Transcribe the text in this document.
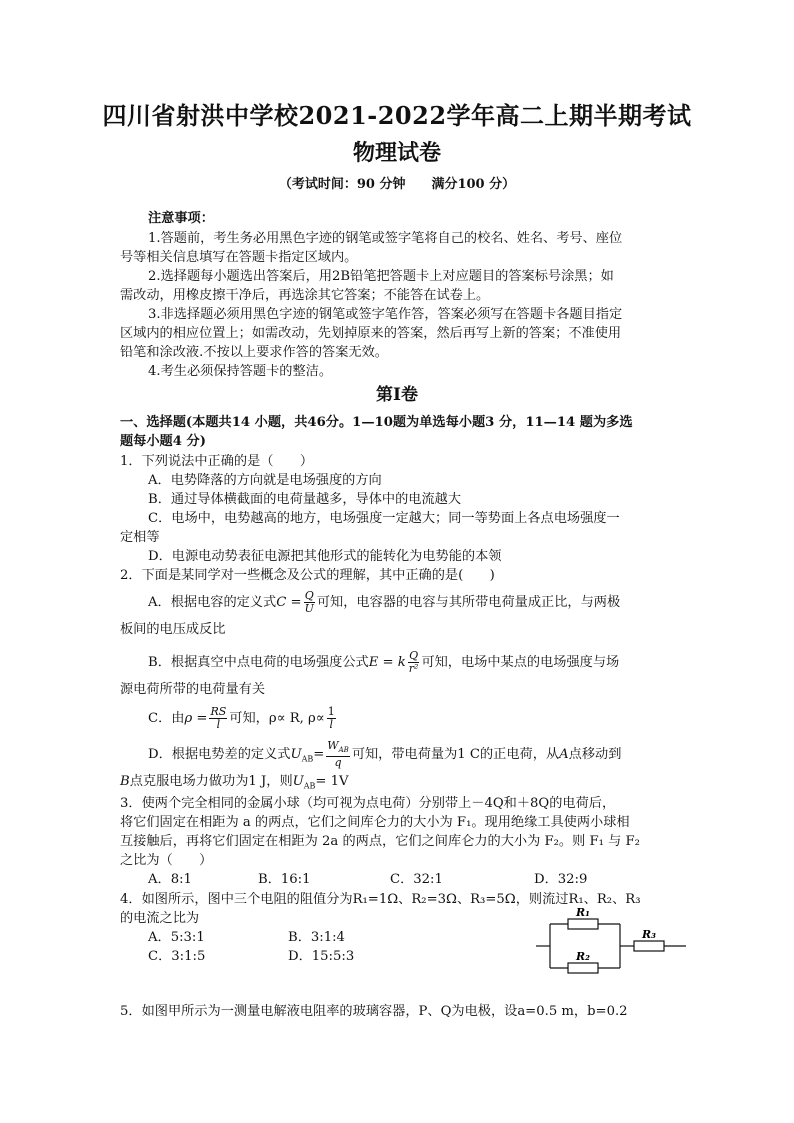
四川省射洪中学校2021-2022学年高二上期半期考试
物理试卷
（考试时间：90 分钟 满分100 分）
注意事项：
1.答题前，考生务必用黑色字迹的钢笔或签字笔将自己的校名、姓名、考号、座位
号等相关信息填写在答题卡指定区域内。
2.选择题每小题选出答案后，用2B铅笔把答题卡上对应题目的答案标号涂黑；如
需改动，用橡皮擦干净后，再选涂其它答案；不能答在试卷上。
3.非选择题必须用黑色字迹的钢笔或签字笔作答，答案必须写在答题卡各题目指定
区域内的相应位置上；如需改动，先划掉原来的答案，然后再写上新的答案；不准使用
铅笔和涂改液.不按以上要求作答的答案无效。
4.考生必须保持答题卡的整洁。
第Ⅰ卷
一、选择题(本题共14 小题，共46分。1—10题为单选每小题3 分，11—14 题为多选
题每小题4 分)
1．下列说法中正确的是（　　）
A．电势降落的方向就是电场强度的方向
B．通过导体横截面的电荷量越多，导体中的电流越大
C．电场中，电势越高的地方，电场强度一定越大；同一等势面上各点电场强度一
定相等
D．电源电动势表征电源把其他形式的能转化为电势能的本领
2．下面是某同学对一些概念及公式的理解，其中正确的是(　　)
A．根据电容的定义式$C = \frac{Q}{U}$ 可知，电容器的电容与其所带电荷量成正比，与两极
板间的电压成反比
B．根据真空中点电荷的电场强度公式E = k $\frac{Q}{\text{r²}}$ 可知，电场中某点的电场强度与场
源电荷所带的电荷量有关
C．由$\rho = \frac{RS}{l}$ 可知，ρ∝ R, $\rho\propto \frac{1}{l}$
D．根据电势差的定义式$U_{AB}= \frac{W_{AB}}{q}$ 可知，带电荷量为1 C的正电荷，从A点移动到
B点克服电场力做功为1 J，则$U_{AB}= 1V$
3．使两个完全相同的金属小球（均可视为点电荷）分别带上－4Q和＋8Q的电荷后，
将它们固定在相距为 a 的两点，它们之间库仑力的大小为 F₁。现用绝缘工具使两小球相
互接触后，再将它们固定在相距为 2a 的两点，它们之间库仑力的大小为 F₂。则 F₁ 与 F₂
之比为（　　）
A．8:1	B．16:1	C．32:1	D．32:9
4．如图所示，图中三个电阻的阻值分为R₁=1Ω、R₂=3Ω、R₃=5Ω，则流过R₁、R₂、R₃
的电流之比为
A．5:3:1	B．3:1:4
C．3:1:5	D．15:5:3
R₁
R₂
R₃
5．如图甲所示为一测量电解液电阻率的玻璃容器，P、Q为电极，设a=0.5 m，b=0.2
